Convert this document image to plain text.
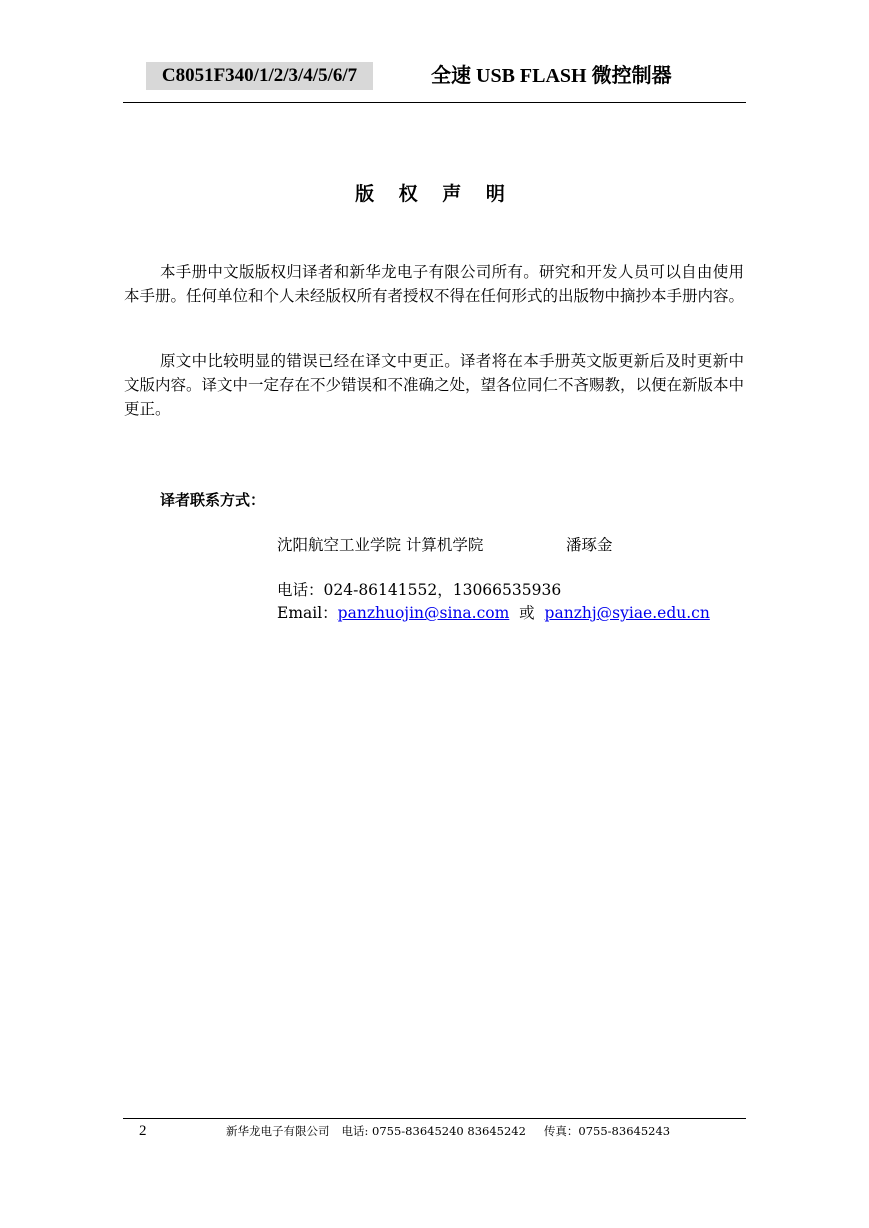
C8051F340/1/2/3/4/5/6/7	全速 USB FLASH 微控制器
版 权 声 明

本手册中文版版权归译者和新华龙电子有限公司所有。研究和开发人员可以自由使用本手册。任何单位和个人未经版权所有者授权不得在任何形式的出版物中摘抄本手册内容。

原文中比较明显的错误已经在译文中更正。译者将在本手册英文版更新后及时更新中文版内容。译文中一定存在不少错误和不准确之处，望各位同仁不吝赐教，以便在新版本中更正。

译者联系方式：
沈阳航空工业学院 计算机学院	潘琢金
电话：024-86141552，13066535936
Email：panzhuojin@sina.com 或 panzhj@syiae.edu.cn
2	新华龙电子有限公司 电话: 0755-83645240 83645242 传真：0755-83645243
